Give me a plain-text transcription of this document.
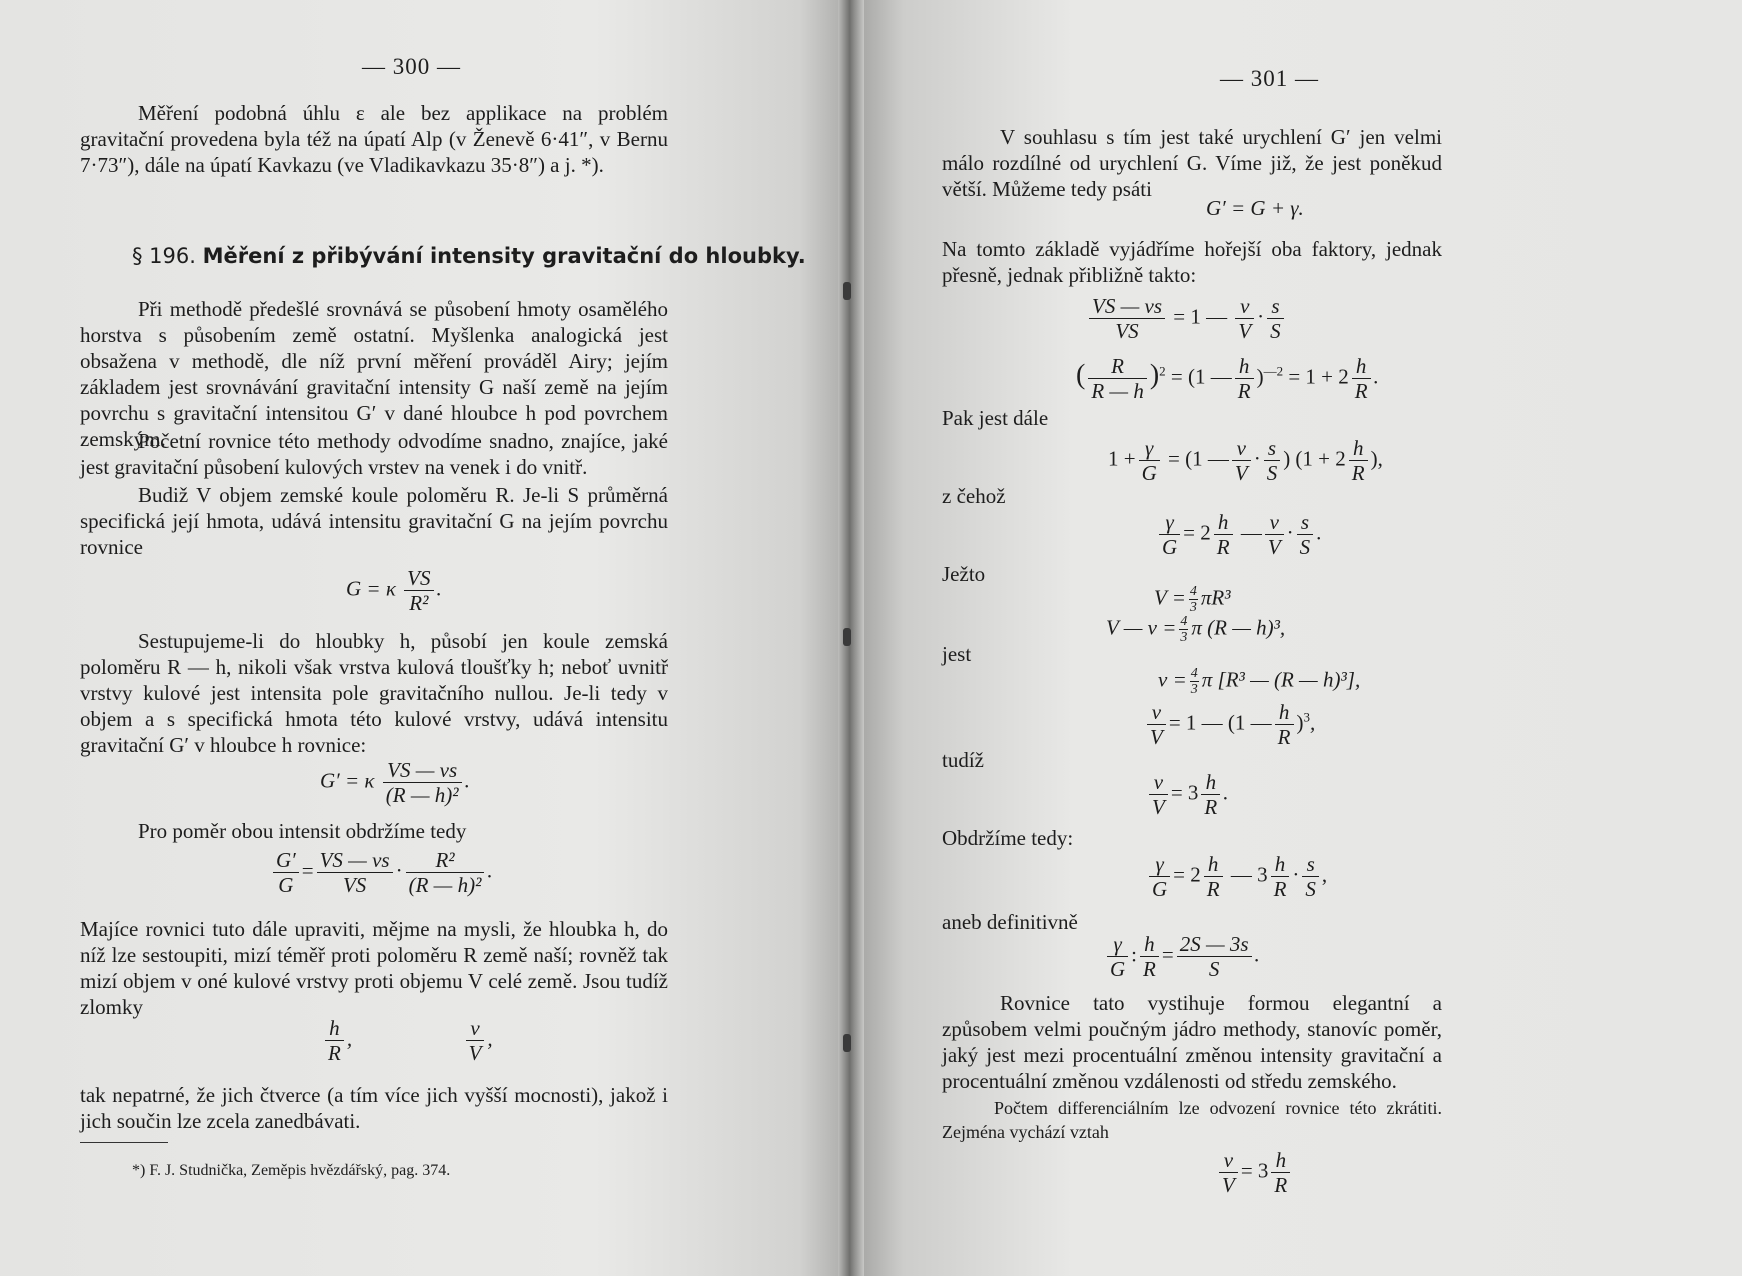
— 300 —

Měření podobná úhlu ε ale bez applikace na problém gravitační provedena byla též na úpatí Alp (v Ženevě 6·41″, v Bernu 7·73″), dále na úpatí Kavkazu (ve Vladikavkazu 35·8″) a j. *).

§ 196. Měření z přibývání intensity gravitační do hloubky.

Při methodě předešlé srovnává se působení hmoty osamělého horstva s působením země ostatní. Myšlenka analogická jest obsažena v methodě, dle níž první měření prováděl Airy; jejím základem jest srovnávání gravitační intensity G naší země na jejím povrchu s gravitační intensitou G′ v dané hloubce h pod povrchem zemským.

Početní rovnice této methody odvodíme snadno, znajíce, jaké jest gravitační působení kulových vrstev na venek i do vnitř.

Budiž V objem zemské koule poloměru R. Je-li S průměrná specifická její hmota, udává intensitu gravitační G na jejím povrchu rovnice

G = κ $\frac{VS}{\text{R²}}$ .

Sestupujeme-li do hloubky h, působí jen koule zemská poloměru R — h, nikoli však vrstva kulová tloušťky h; neboť uvnitř vrstvy kulové jest intensita pole gravitačního nullou. Je-li tedy v objem a s specifická hmota této kulové vrstvy, udává intensitu gravitační G′ v hloubce h rovnice:

G′ = κ $\frac{VS — vs}{\text{(R — h)²}}$ .

Pro poměr obou intensit obdržíme tedy

$\frac{G'}{G} = \frac{VS — vs}{VS} \cdot \frac{\text{R²}}{\text{(R — h)²}}$ .

Majíce rovnici tuto dále upraviti, mějme na mysli, že hloubka h, do níž lze sestoupiti, mizí téměř proti poloměru R země naší; rovněž tak mizí objem v oné kulové vrstvy proti objemu V celé země. Jsou tudíž zlomky

$\frac{h}{R}$ ,	$\frac{v}{V}$ ,

tak nepatrné, že jich čtverce (a tím více jich vyšší mocnosti), jakož i jich součin lze zcela zanedbávati.

*) F. J. Studnička, Zeměpis hvězdářský, pag. 374.
— 301 —

V souhlasu s tím jest také urychlení G′ jen velmi málo rozdílné od urychlení G. Víme již, že jest poněkud větší. Můžeme tedy psáti

G′ = G + γ.

Na tomto základě vyjádříme hořejší oba faktory, jednak přesně, jednak přibližně takto:

$\frac{VS — vs}{VS} = 1$ — $\frac{v}{V} \cdot \frac{s}{S}$
( $\frac{R}{R — h} )^2 = (1$ — $\frac{h}{R} )^{—2} = 1 + 2 \frac{h}{R}$ .
Pak jest dále
$1 + \frac{\gamma}{G} = (1$ — $\frac{v}{V} \cdot \frac{s}{S}$ ) ($1 + 2 \frac{h}{R}$ ),
z čehož
$\frac{\gamma}{G} = 2 \frac{h}{R}$ — $\frac{v}{V} \cdot \frac{s}{S}$ .
Ježto
$V = \frac{4}{3} \pi R^3$
V — $v = \frac{4}{3}$ π (R — h)³,
jest
$v = \frac{4}{3}$ π [R³ — (R — h)³],
$\frac{v}{V} = 1$ — (1 — $\frac{h}{R} )^3$,
tudíž
$\frac{v}{V} = 3 \frac{h}{R}$ .
Obdržíme tedy:
$\frac{\gamma}{G} = 2 \frac{h}{R}$ — $3 \frac{h}{R} \cdot \frac{s}{S}$ ,
aneb definitivně
$\frac{\gamma}{G}$ : $\frac{h}{R} = \frac{2S — 3s}{S}$ .

Rovnice tato vystihuje formou elegantní a způsobem velmi poučným jádro methody, stanovíc poměr, jaký jest mezi procentuální změnou intensity gravitační a procentuální změnou vzdálenosti od středu zemského.

Počtem differenciálním lze odvození rovnice této zkrátiti. Zejména vychází vztah

$\frac{v}{V} = 3 \frac{h}{R}$
